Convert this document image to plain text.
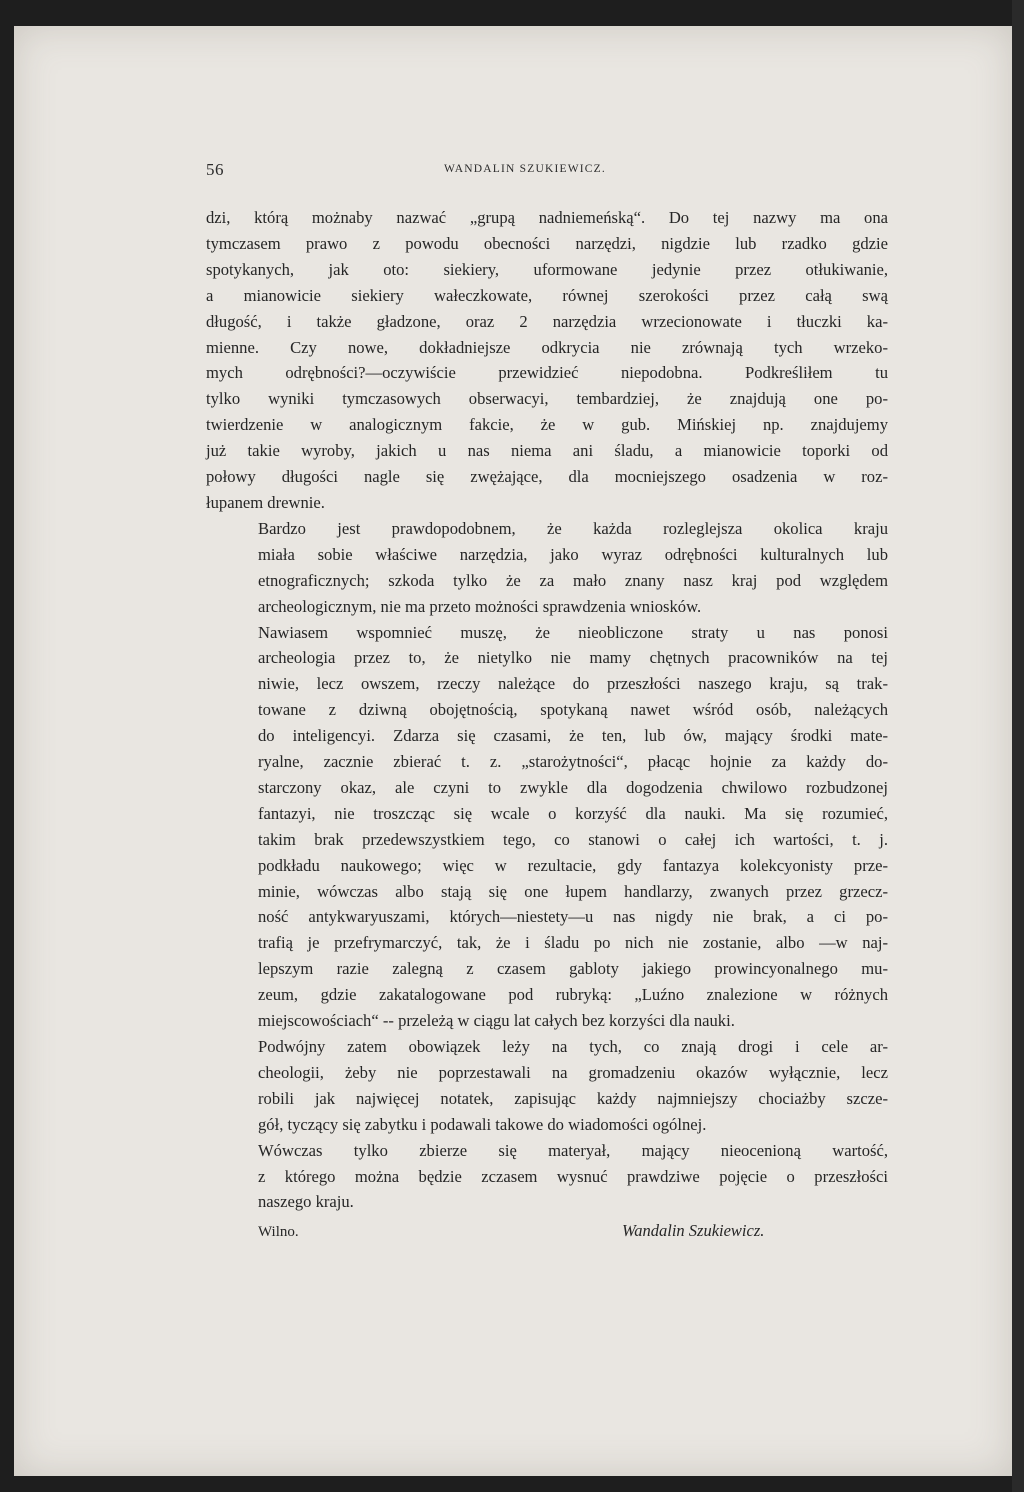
56	WANDALIN SZUKIEWICZ.

dzi, którą możnaby nazwać „grupą nadniemeńską“. Do tej nazwy ma ona
tymczasem prawo z powodu obecności narzędzi, nigdzie lub rzadko gdzie
spotykanych, jak oto: siekiery, uformowane jedynie przez otłukiwanie,
a mianowicie siekiery wałeczkowate, równej szerokości przez całą swą
długość, i także gładzone, oraz 2 narzędzia wrzecionowate i tłuczki ka-
mienne. Czy nowe, dokładniejsze odkrycia nie zrównają tych wrzeko-
mych odrębności?—oczywiście przewidzieć niepodobna. Podkreśliłem tu
tylko wyniki tymczasowych obserwacyi, tembardziej, że znajdują one po-
twierdzenie w analogicznym fakcie, że w gub. Mińskiej np. znajdujemy
już takie wyroby, jakich u nas niema ani śladu, a mianowicie toporki od
połowy długości nagle się zwężające, dla mocniejszego osadzenia w roz-
łupanem drewnie.

Bardzo jest prawdopodobnem, że każda rozleglejsza okolica kraju
miała sobie właściwe narzędzia, jako wyraz odrębności kulturalnych lub
etnograficznych; szkoda tylko że za mało znany nasz kraj pod względem
archeologicznym, nie ma przeto możności sprawdzenia wniosków.

Nawiasem wspomnieć muszę, że nieobliczone straty u nas ponosi
archeologia przez to, że nietylko nie mamy chętnych pracowników na tej
niwie, lecz owszem, rzeczy należące do przeszłości naszego kraju, są trak-
towane z dziwną obojętnością, spotykaną nawet wśród osób, należących
do inteligencyi. Zdarza się czasami, że ten, lub ów, mający środki mate-
ryalne, zacznie zbierać t. z. „starożytności“, płacąc hojnie za każdy do-
starczony okaz, ale czyni to zwykle dla dogodzenia chwilowo rozbudzonej
fantazyi, nie troszcząc się wcale o korzyść dla nauki. Ma się rozumieć,
takim brak przedewszystkiem tego, co stanowi o całej ich wartości, t. j.
podkładu naukowego; więc w rezultacie, gdy fantazya kolekcyonisty prze-
minie, wówczas albo stają się one łupem handlarzy, zwanych przez grzecz-
ność antykwaryuszami, których—niestety—u nas nigdy nie brak, a ci po-
trafią je przefrymarczyć, tak, że i śladu po nich nie zostanie, albo —w naj-
lepszym razie zalegną z czasem gabloty jakiego prowincyonalnego mu-
zeum, gdzie zakatalogowane pod rubryką: „Luźno znalezione w różnych
miejscowościach“ -- przeleżą w ciągu lat całych bez korzyści dla nauki.

Podwójny zatem obowiązek leży na tych, co znają drogi i cele ar-
cheologii, żeby nie poprzestawali na gromadzeniu okazów wyłącznie, lecz
robili jak najwięcej notatek, zapisując każdy najmniejszy chociażby szcze-
gół, tyczący się zabytku i podawali takowe do wiadomości ogólnej.

Wówczas tylko zbierze się materyał, mający nieocenioną wartość,
z którego można będzie zczasem wysnuć prawdziwe pojęcie o przeszłości
naszego kraju.

Wilno.	Wandalin Szukiewicz.
